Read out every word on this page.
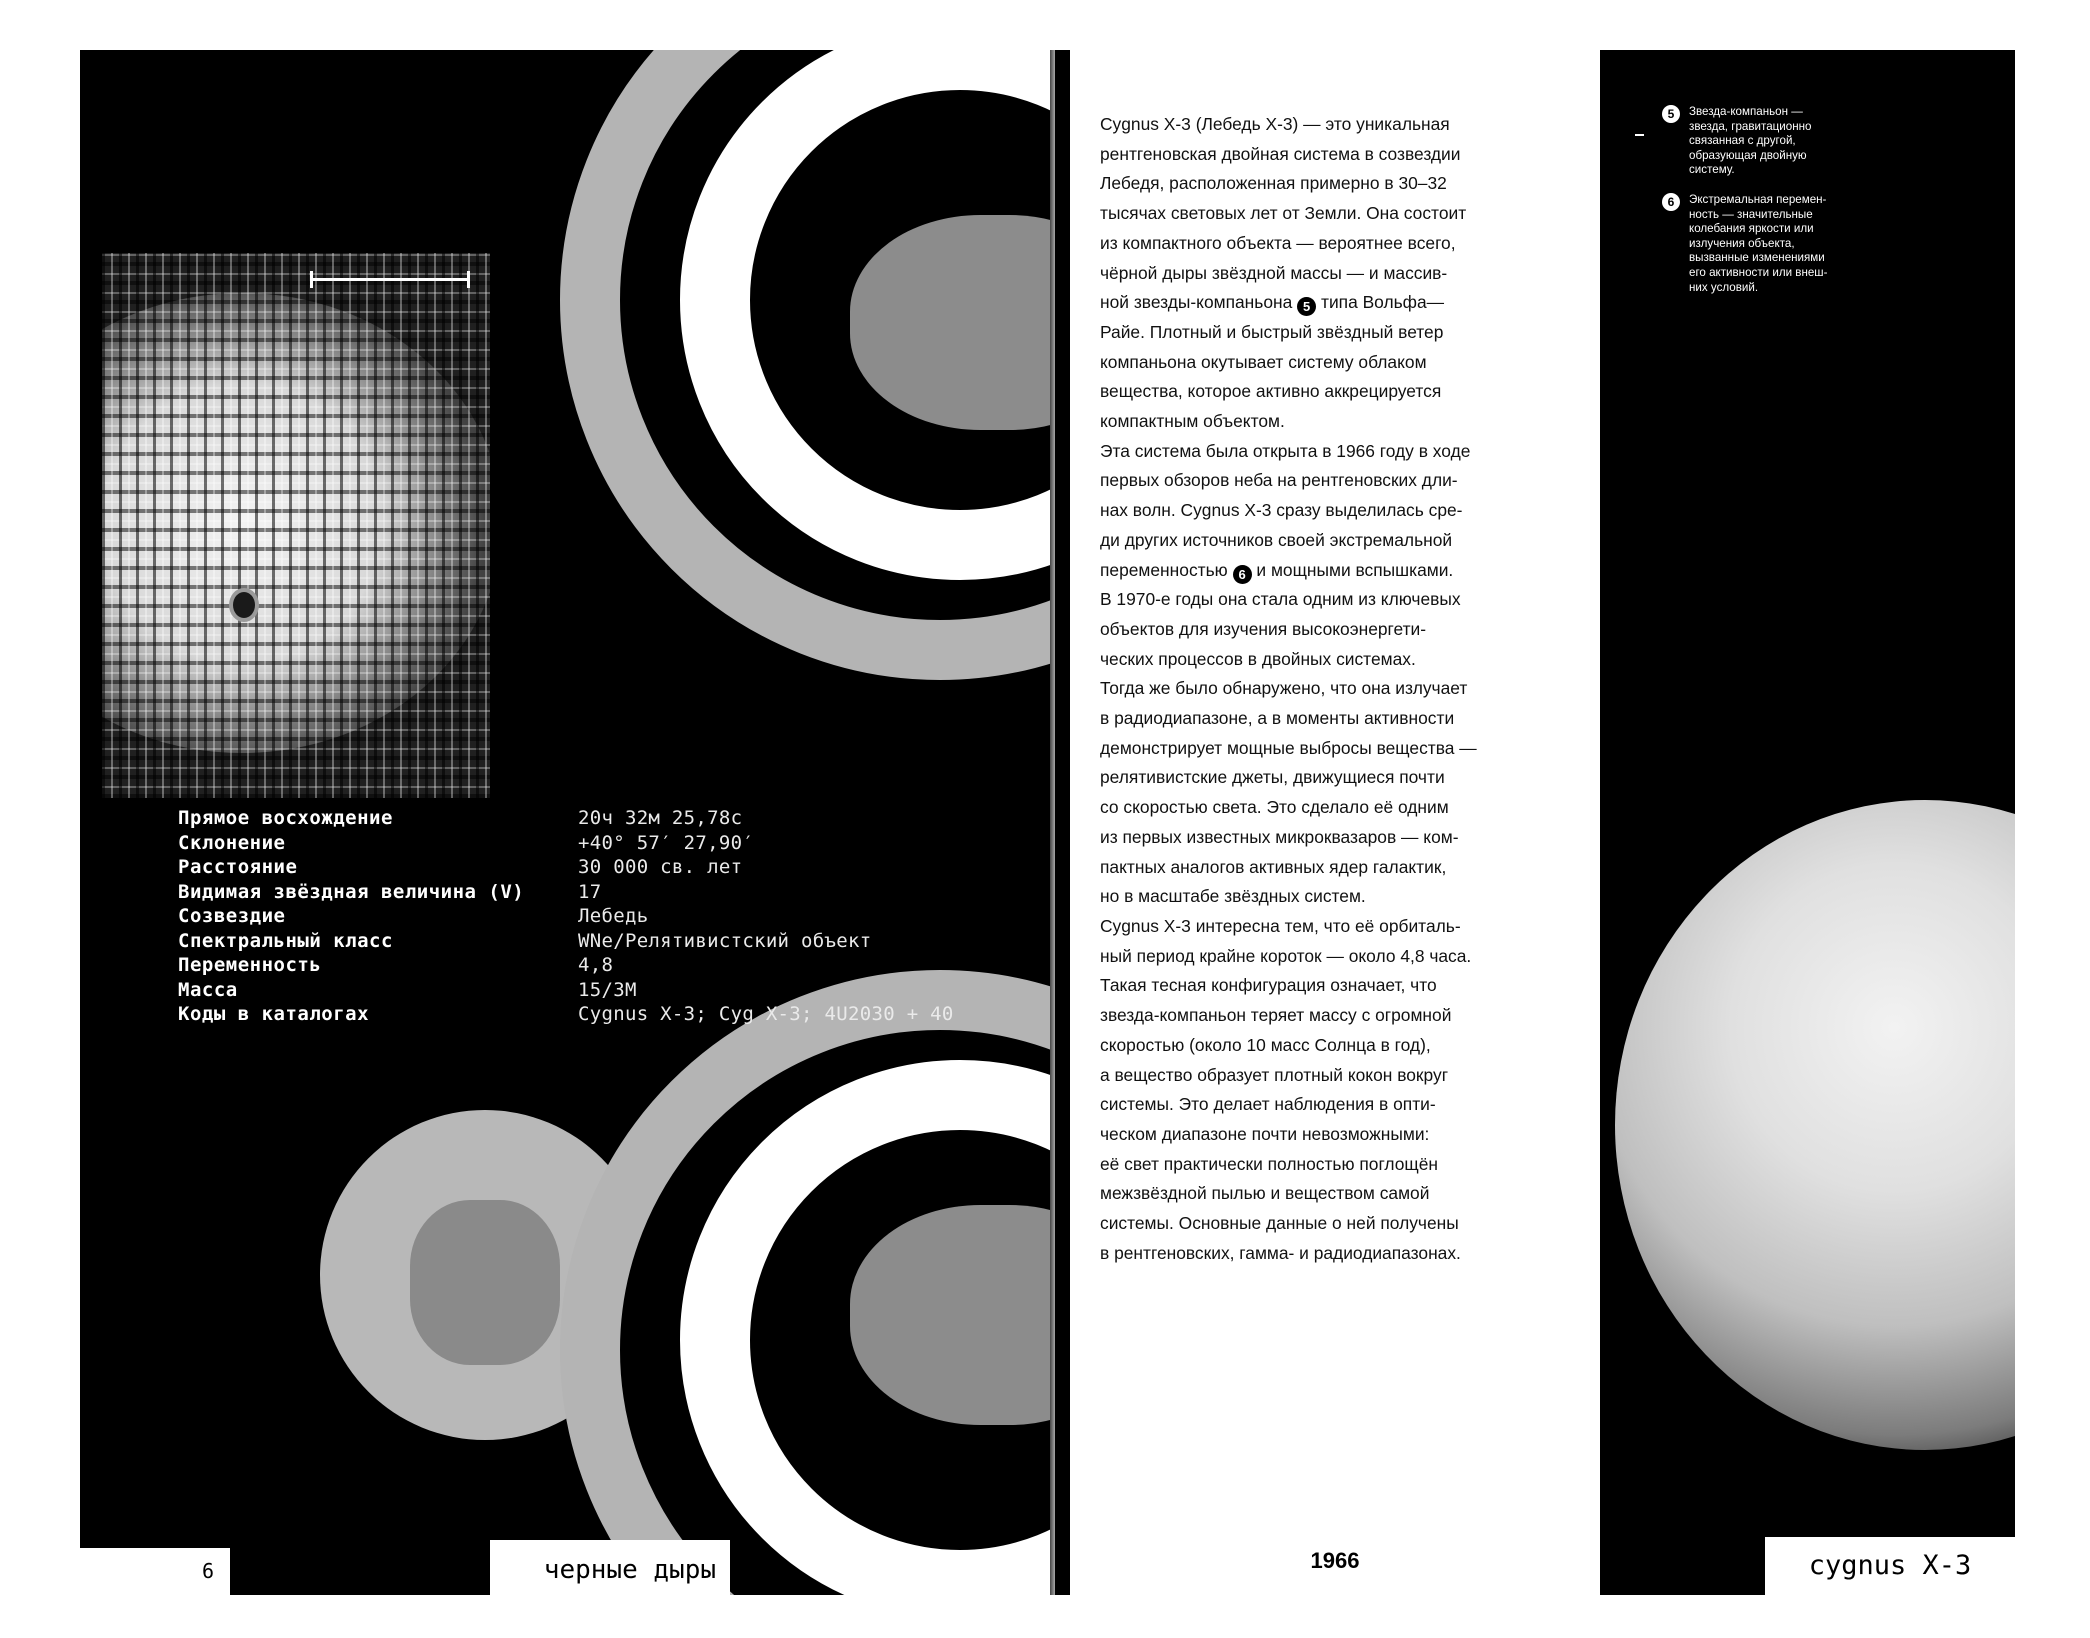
Прямое восхождение	20ч 32м 25,78с
Склонение	+40° 57′ 27,90′
Расстояние	30 000 св. лет
Видимая звёздная величина (V)	17
Созвездие	Лебедь
Спектральный класс	WNe/Релятивистский объект
Переменность	4,8
Масса	15/3М
Коды в каталогах	Cygnus X-3; Cyg X-3; 4U2030 + 40
6	черные дыры

Cygnus X-3 (Лебедь X-3) — это уникальная
рентгеновская двойная система в созвездии
Лебедя, расположенная примерно в 30–32
тысячах световых лет от Земли. Она состоит
из компактного объекта — вероятнее всего,
чёрной дыры звёздной массы — и массив-
ной звезды-компаньона 5 типа Вольфа—
Райе. Плотный и быстрый звёздный ветер
компаньона окутывает систему облаком
вещества, которое активно аккрецируется
компактным объектом.

Эта система была открыта в 1966 году в ходе
первых обзоров неба на рентгеновских дли-
нах волн. Cygnus X-3 сразу выделилась сре-
ди других источников своей экстремальной
переменностью 6 и мощными вспышками.

В 1970-е годы она стала одним из ключевых
объектов для изучения высокоэнергети-
ческих процессов в двойных системах.
Тогда же было обнаружено, что она излучает
в радиодиапазоне, а в моменты активности
демонстрирует мощные выбросы вещества —
релятивистские джеты, движущиеся почти
со скоростью света. Это сделало её одним
из первых известных микроквазаров — ком-
пактных аналогов активных ядер галактик,
но в масштабе звёздных систем.

Cygnus X-3 интересна тем, что её орбиталь-
ный период крайне короток — около 4,8 часа.
Такая тесная конфигурация означает, что
звезда-компаньон теряет массу с огромной
скоростью (около 10 масс Солнца в год),
а вещество образует плотный кокон вокруг
системы. Это делает наблюдения в опти-
ческом диапазоне почти невозможными:
её свет практически полностью поглощён
межзвёздной пылью и веществом самой
системы. Основные данные о ней получены
в рентгеновских, гамма- и радиодиапазонах.

1966
5	Звезда-компаньон —
звезда, гравитационно
связанная с другой,
образующая двойную
систему.

6	Экстремальная перемен-
ность — значительные
колебания яркости или
излучения объекта,
вызванные изменениями
его активности или внеш-
них условий.

cygnus X-3
